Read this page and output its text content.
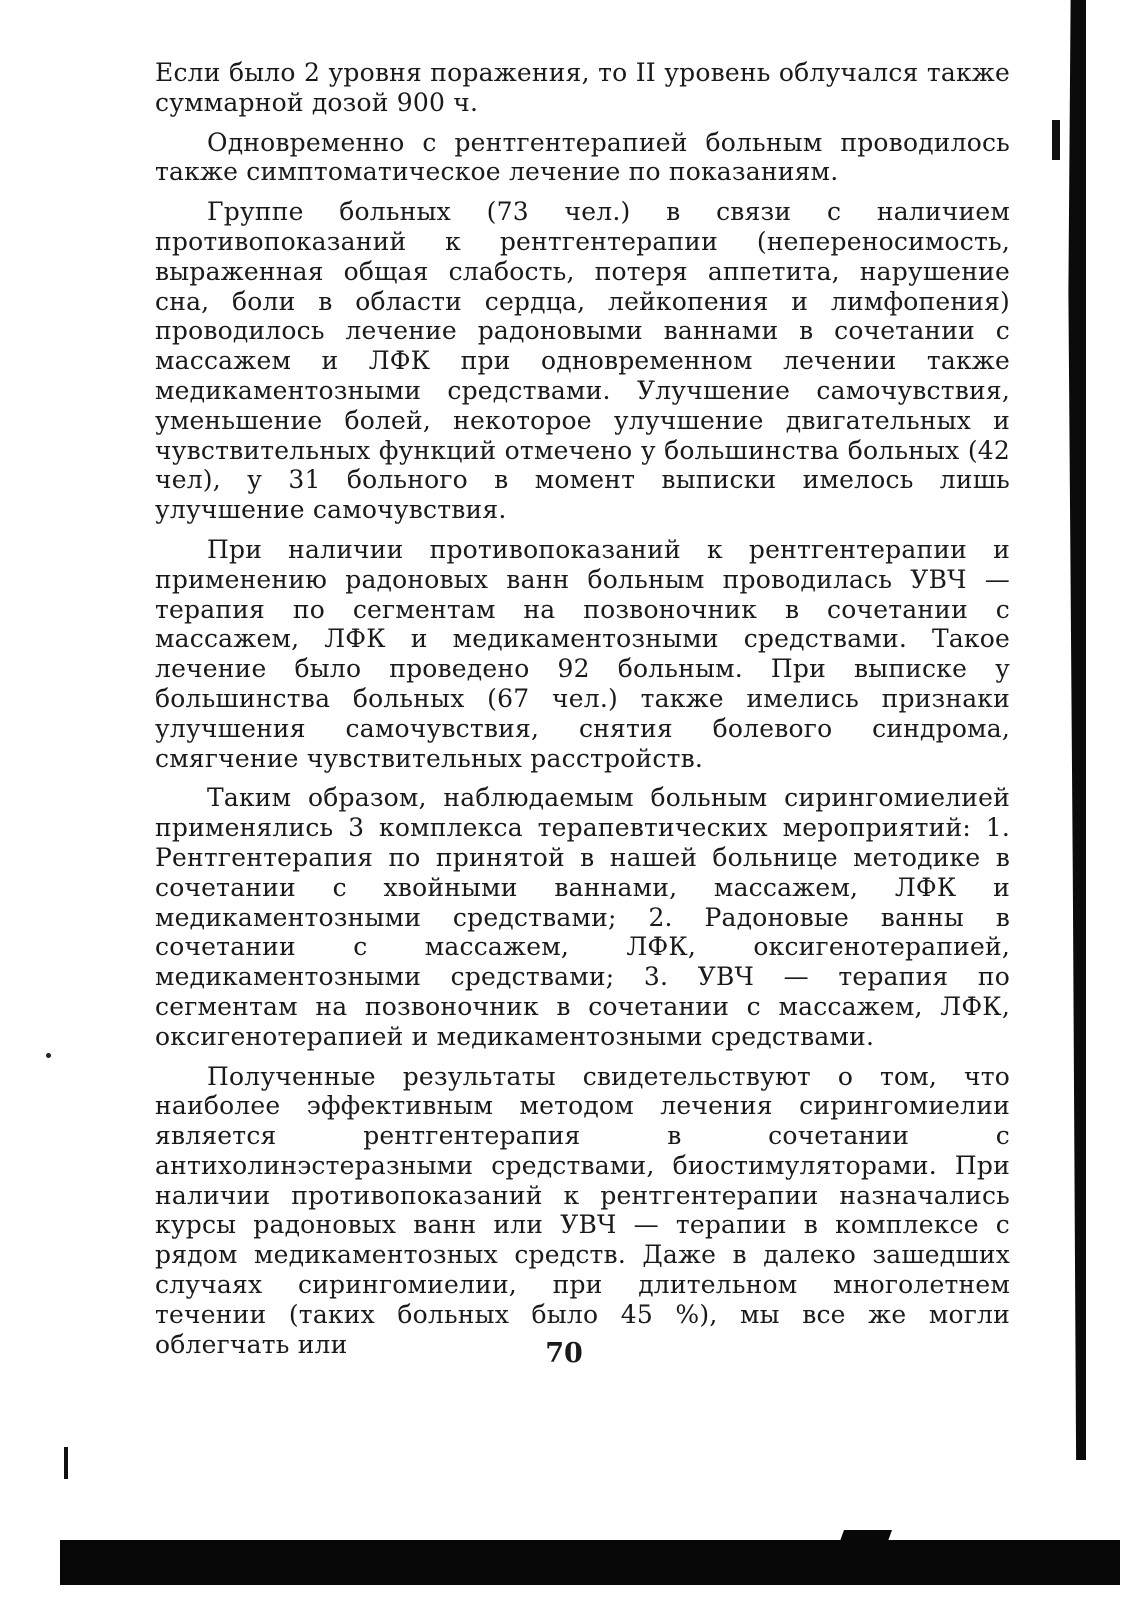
Если было 2 уровня поражения, то II уровень облучался также суммарной дозой 900 ч.

Одновременно с рентгентерапией больным проводилось также симптоматическое лечение по показаниям.

Группе больных (73 чел.) в связи с наличием противопоказаний к рентгентерапии (непереносимость, выраженная общая слабость, потеря аппетита, нарушение сна, боли в области сердца, лейкопения и лимфопения) проводилось лечение радоновыми ваннами в сочетании с массажем и ЛФК при одновременном лечении также медикаментозными средствами. Улучшение самочувствия, уменьшение болей, некоторое улучшение двигательных и чувствительных функций отмечено у большинства больных (42 чел), у 31 больного в момент выписки имелось лишь улучшение самочувствия.

При наличии противопоказаний к рентгентерапии и применению радоновых ванн больным проводилась УВЧ — терапия по сегментам на позвоночник в сочетании с массажем, ЛФК и медикаментозными средствами. Такое лечение было проведено 92 больным. При выписке у большинства больных (67 чел.) также имелись признаки улучшения самочувствия, снятия болевого синдрома, смягчение чувствительных расстройств.

Таким образом, наблюдаемым больным сирингомиелией применялись 3 комплекса терапевтических мероприятий: 1. Рентгентерапия по принятой в нашей больнице методике в сочетании с хвойными ваннами, массажем, ЛФК и медикаментозными средствами; 2. Радоновые ванны в сочетании с массажем, ЛФК, оксигенотерапией, медикаментозными средствами; 3. УВЧ — терапия по сегментам на позвоночник в сочетании с массажем, ЛФК, оксигенотерапией и медикаментозными средствами.

Полученные результаты свидетельствуют о том, что наиболее эффективным методом лечения сирингомиелии является рентгентерапия в сочетании с антихолинэстеразными средствами, биостимуляторами. При наличии противопоказаний к рентгентерапии назначались курсы радоновых ванн или УВЧ — терапии в комплексе с рядом медикаментозных средств. Даже в далеко зашедших случаях сирингомиелии, при длительном многолетнем течении (таких больных было 45 %), мы все же могли облегчать или	70
